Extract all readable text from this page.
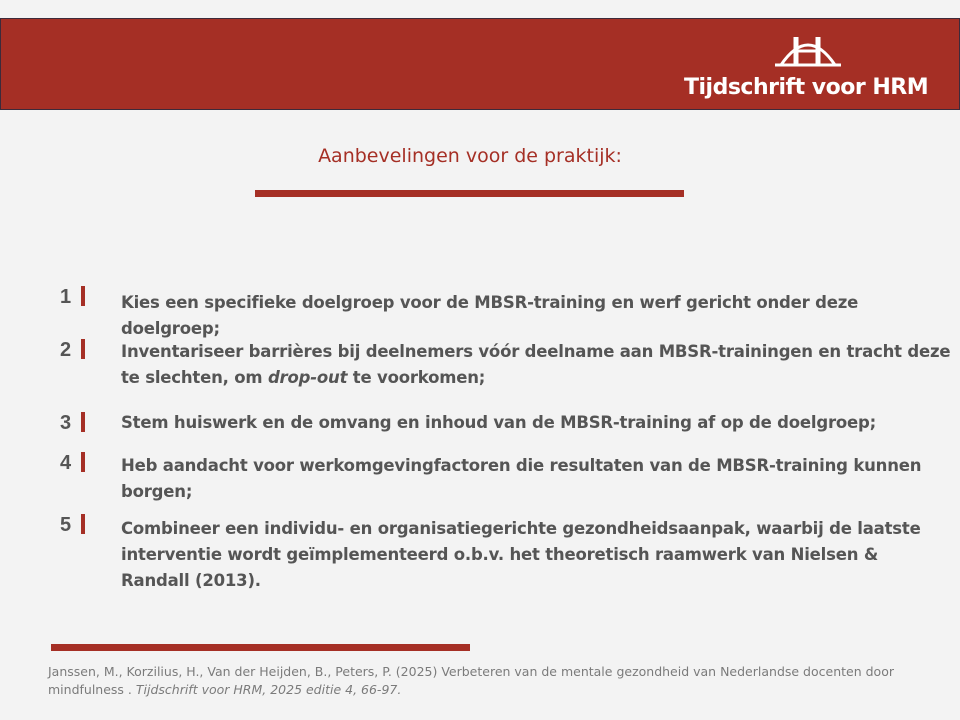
Tijdschrift voor HRM
Aanbevelingen voor de praktijk:
1	Kies een specifieke doelgroep voor de MBSR-training en werf gericht onder deze doelgroep;
2	Inventariseer barrières bij deelnemers vóór deelname aan MBSR-trainingen en tracht deze te slechten, om drop-out te voorkomen;
3	Stem huiswerk en de omvang en inhoud van de MBSR-training af op de doelgroep;
4	Heb aandacht voor werkomgevingfactoren die resultaten van de MBSR-training kunnen borgen;
5	Combineer een individu- en organisatiegerichte gezondheidsaanpak, waarbij de laatste interventie wordt geïmplementeerd o.b.v. het theoretisch raamwerk van Nielsen & Randall (2013).
Janssen, M., Korzilius, H., Van der Heijden, B., Peters, P. (2025) Verbeteren van de mentale gezondheid van Nederlandse docenten door mindfulness . Tijdschrift voor HRM, 2025 editie 4, 66-97.
